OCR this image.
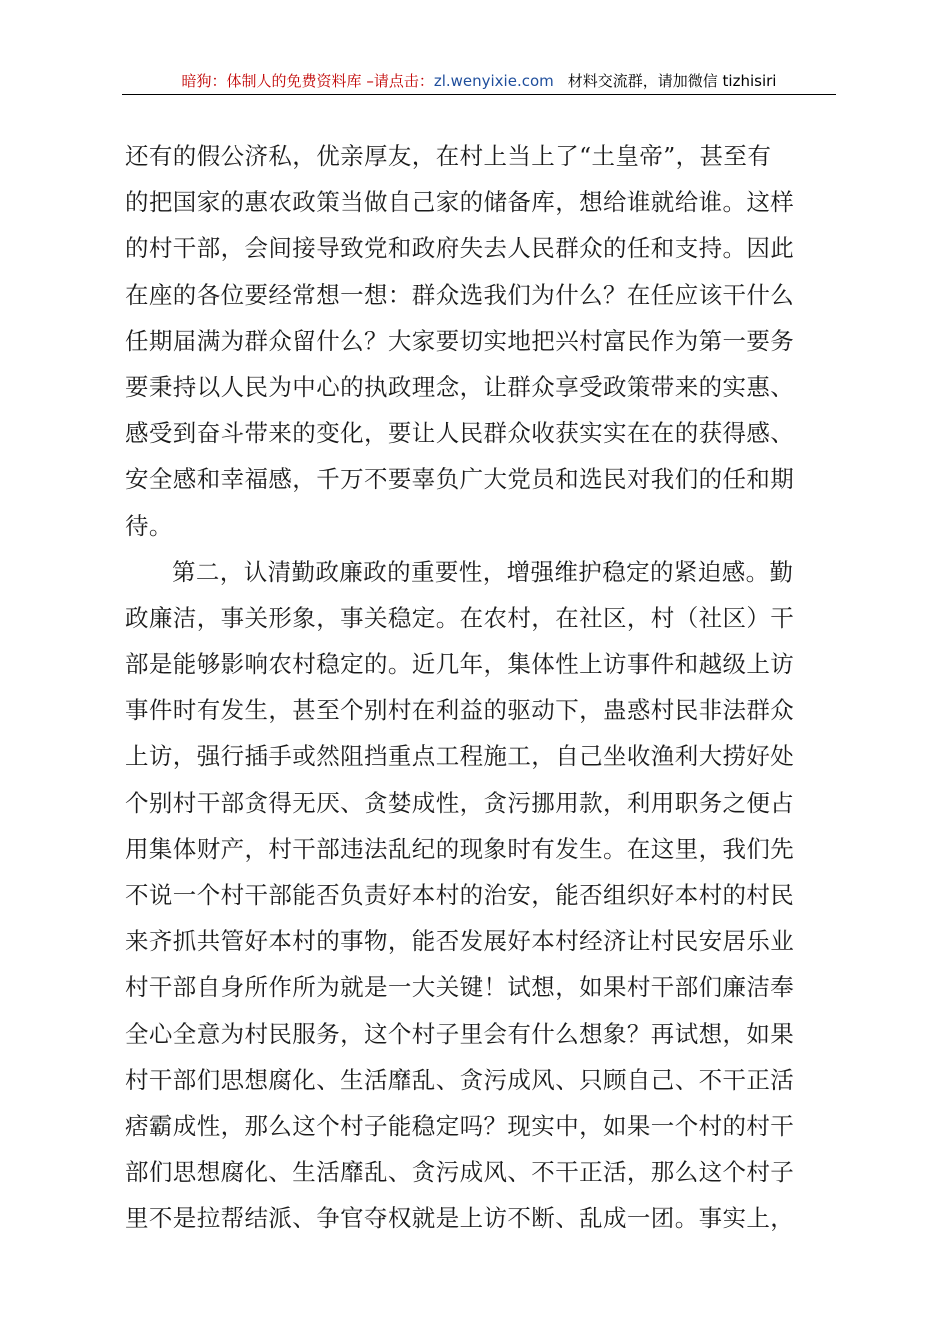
暗狗：体制人的免费资料库 –请点击：zl.wenyixie.com 材料交流群，请加微信 tizhisiri
还有的假公济私，优亲厚友，在村上当上了“土皇帝”，甚至有
的把国家的惠农政策当做自己家的储备库，想给谁就给谁。这样
的村干部，会间接导致党和政府失去人民群众的任和支持。因此
在座的各位要经常想一想：群众选我们为什么？在任应该干什么
任期届满为群众留什么？大家要切实地把兴村富民作为第一要务
要秉持以人民为中心的执政理念，让群众享受政策带来的实惠、
感受到奋斗带来的变化，要让人民群众收获实实在在的获得感、
安全感和幸福感，千万不要辜负广大党员和选民对我们的任和期
待。
第二，认清勤政廉政的重要性，增强维护稳定的紧迫感。勤
政廉洁，事关形象，事关稳定。在农村，在社区，村（社区）干
部是能够影响农村稳定的。近几年，集体性上访事件和越级上访
事件时有发生，甚至个别村在利益的驱动下，蛊惑村民非法群众
上访，强行插手或然阻挡重点工程施工，自己坐收渔利大捞好处
个别村干部贪得无厌、贪婪成性，贪污挪用款，利用职务之便占
用集体财产，村干部违法乱纪的现象时有发生。在这里，我们先
不说一个村干部能否负责好本村的治安，能否组织好本村的村民
来齐抓共管好本村的事物，能否发展好本村经济让村民安居乐业
村干部自身所作所为就是一大关键！试想，如果村干部们廉洁奉
全心全意为村民服务，这个村子里会有什么想象？再试想，如果
村干部们思想腐化、生活靡乱、贪污成风、只顾自己、不干正活
痞霸成性，那么这个村子能稳定吗？现实中，如果一个村的村干
部们思想腐化、生活靡乱、贪污成风、不干正活，那么这个村子
里不是拉帮结派、争官夺权就是上访不断、乱成一团。事实上，
